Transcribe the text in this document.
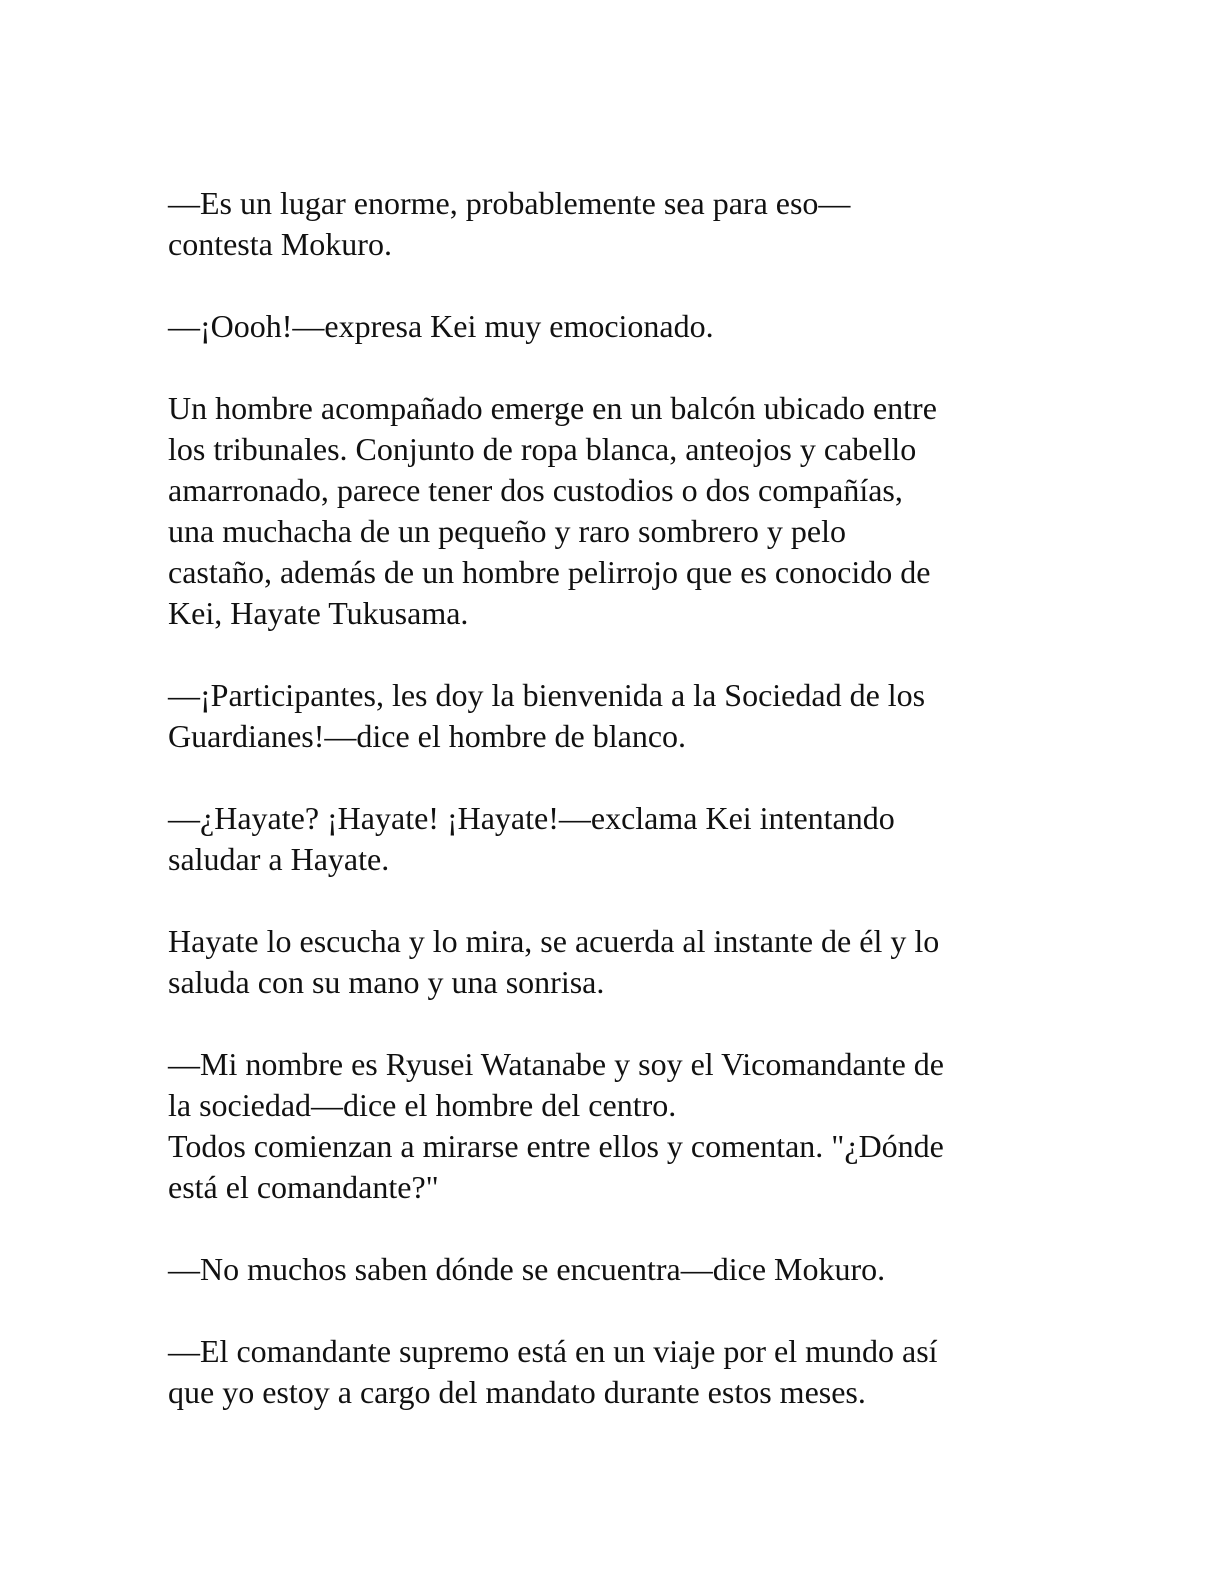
—Es un lugar enorme, probablemente sea para eso—
contesta Mokuro.

—¡Oooh!—expresa Kei muy emocionado.

Un hombre acompañado emerge en un balcón ubicado entre
los tribunales. Conjunto de ropa blanca, anteojos y cabello
amarronado, parece tener dos custodios o dos compañías,
una muchacha de un pequeño y raro sombrero y pelo
castaño, además de un hombre pelirrojo que es conocido de
Kei, Hayate Tukusama.

—¡Participantes, les doy la bienvenida a la Sociedad de los
Guardianes!—dice el hombre de blanco.

—¿Hayate? ¡Hayate! ¡Hayate!—exclama Kei intentando
saludar a Hayate.

Hayate lo escucha y lo mira, se acuerda al instante de él y lo
saluda con su mano y una sonrisa.

—Mi nombre es Ryusei Watanabe y soy el Vicomandante de
la sociedad—dice el hombre del centro.

Todos comienzan a mirarse entre ellos y comentan. "¿Dónde
está el comandante?"

—No muchos saben dónde se encuentra—dice Mokuro.

—El comandante supremo está en un viaje por el mundo así
que yo estoy a cargo del mandato durante estos meses.
